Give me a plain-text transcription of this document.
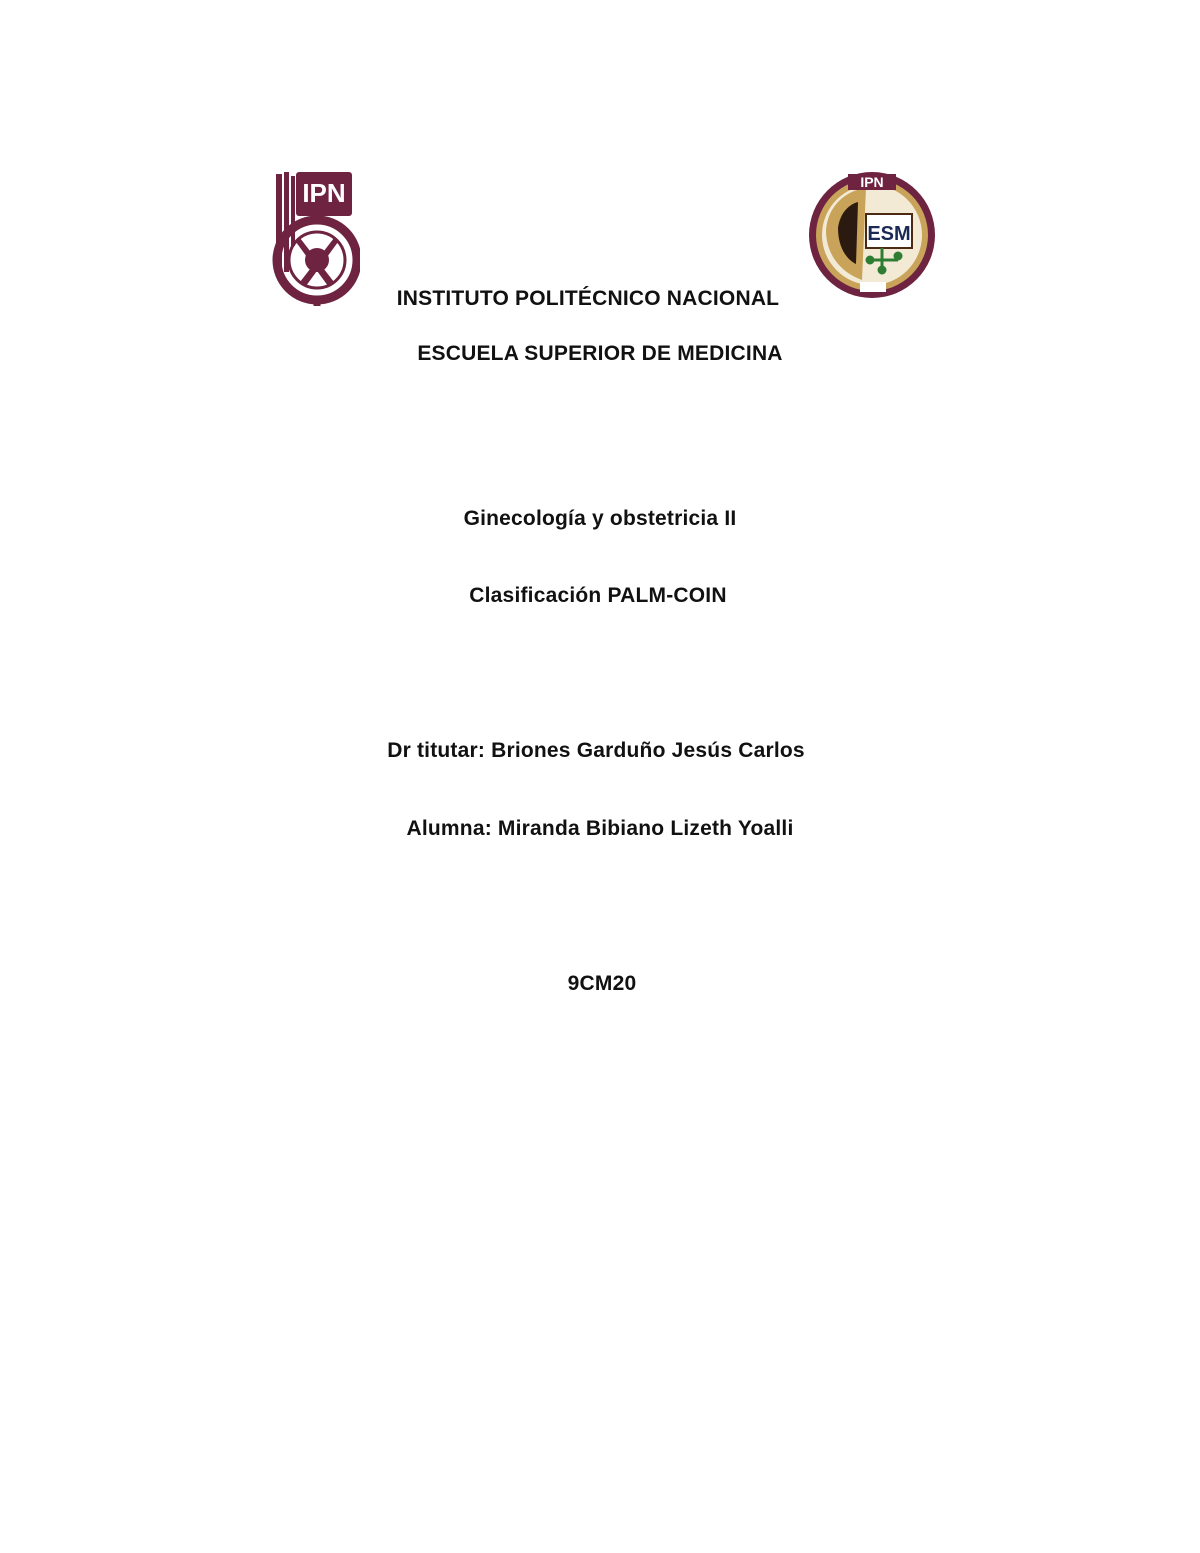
IPN	IPN
ESM
INSTITUTO POLITÉCNICO NACIONAL
ESCUELA SUPERIOR DE MEDICINA
Ginecología y obstetricia II
Clasificación PALM-COIN
Dr titutar: Briones Garduño Jesús Carlos
Alumna: Miranda Bibiano Lizeth Yoalli
9CM20
